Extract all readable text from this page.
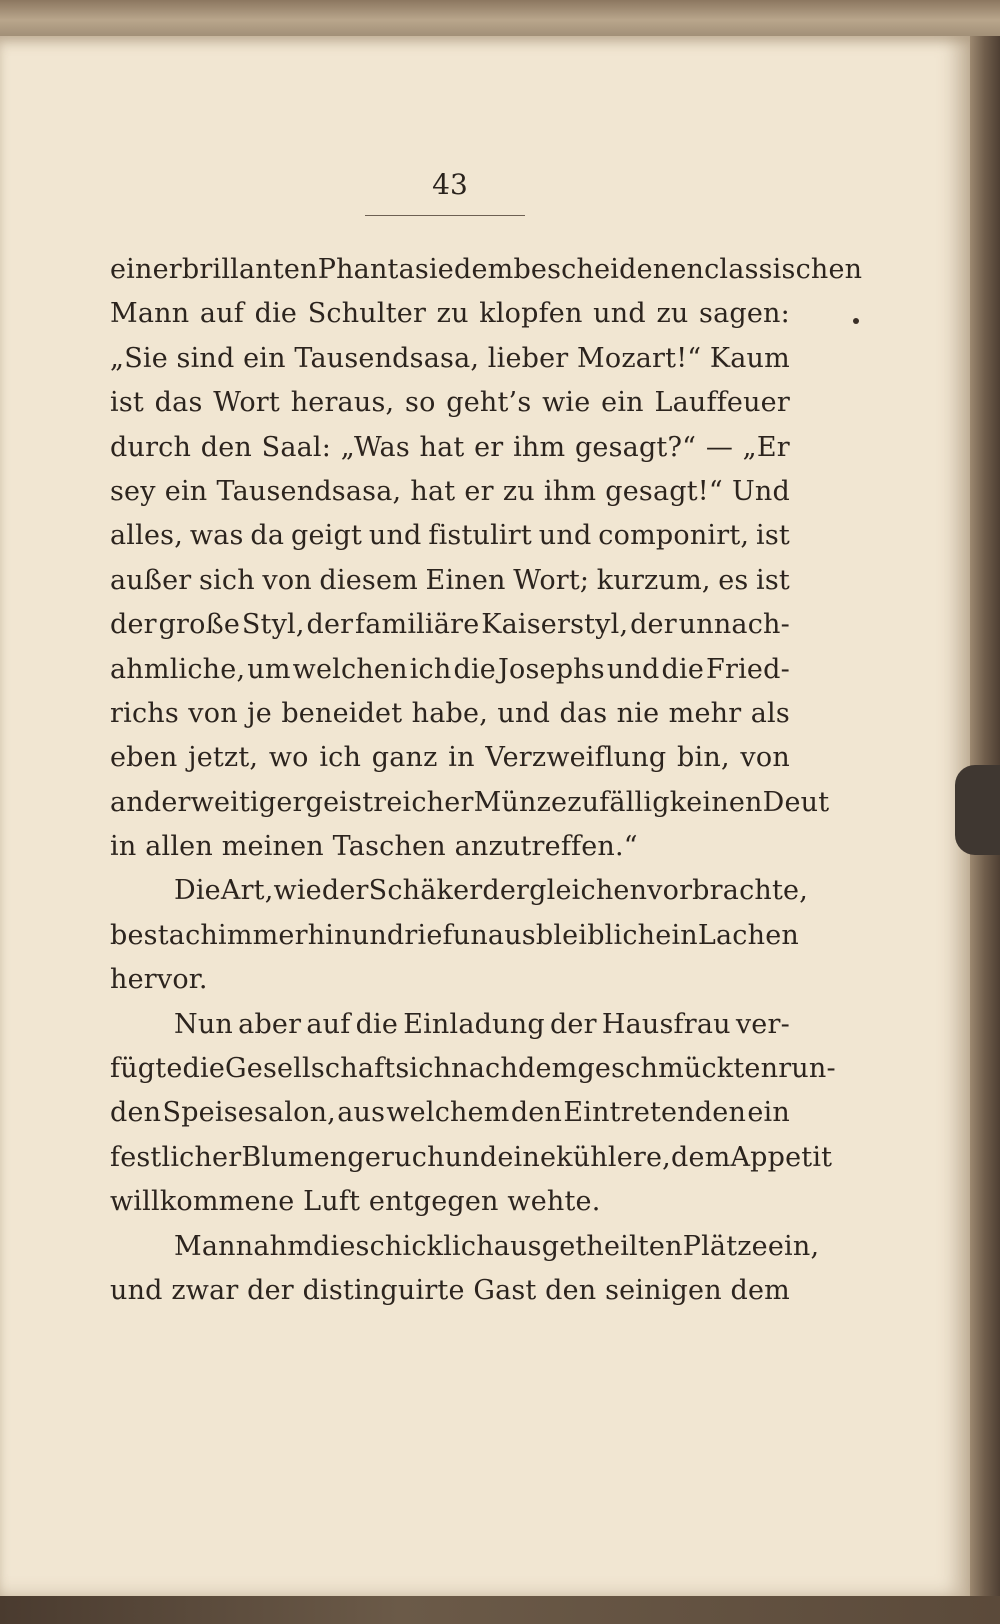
43
einer brillanten Phantasie dem bescheidenen classischen
Mann auf die Schulter zu klopfen und zu sagen:
„Sie sind ein Tausendsasa, lieber Mozart!“ Kaum
ist das Wort heraus, so geht’s wie ein Lauffeuer
durch den Saal: „Was hat er ihm gesagt?“ — „Er
sey ein Tausendsasa, hat er zu ihm gesagt!“ Und
alles, was da geigt und fistulirt und componirt, ist
außer sich von diesem Einen Wort; kurzum, es ist
der große Styl, der familiäre Kaiserstyl, der unnach-
ahmliche, um welchen ich die Josephs und die Fried-
richs von je beneidet habe, und das nie mehr als
eben jetzt, wo ich ganz in Verzweiflung bin, von
anderweitiger geistreicher Münze zufällig keinen Deut
in allen meinen Taschen anzutreffen.“
Die Art, wie der Schäker dergleichen vorbrachte,
bestach immerhin und rief unausbleiblich ein Lachen
hervor.
Nun aber auf die Einladung der Hausfrau ver-
fügte die Gesellschaft sich nach dem geschmückten run-
den Speisesalon, aus welchem den Eintretenden ein
festlicher Blumengeruch und eine kühlere, dem Appetit
willkommene Luft entgegen wehte.
Man nahm die schicklich ausgetheilten Plätze ein,
und zwar der distinguirte Gast den seinigen dem
